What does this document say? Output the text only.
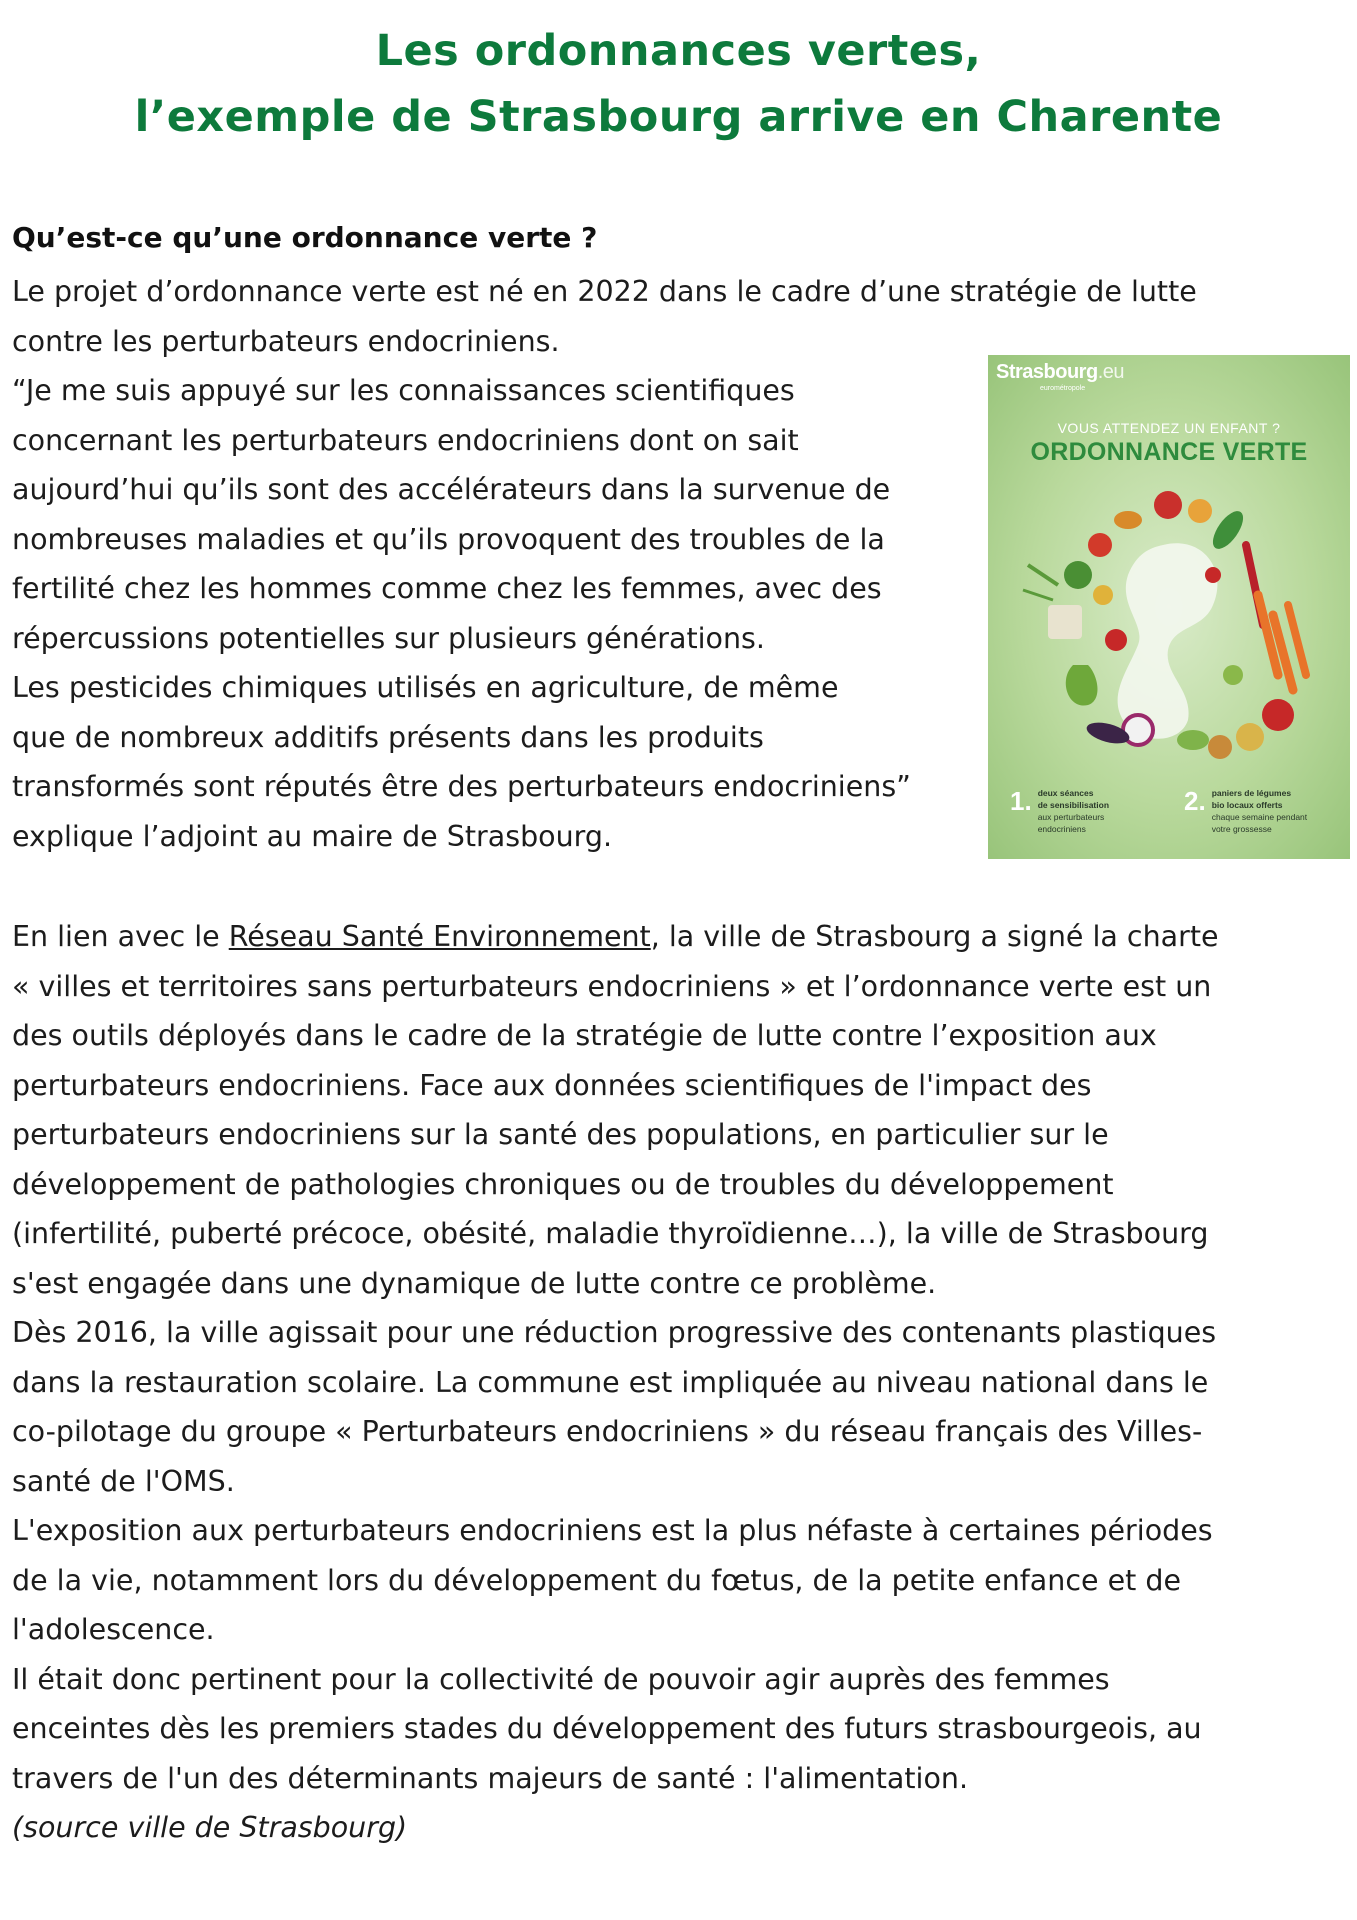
Les ordonnances vertes,
l’exemple de Strasbourg arrive en Charente
Qu’est-ce qu’une ordonnance verte ?
Le projet d’ordonnance verte est né en 2022 dans le cadre d’une stratégie de lutte
contre les perturbateurs endocriniens.
“Je me suis appuyé sur les connaissances scientifiques
concernant les perturbateurs endocriniens dont on sait
aujourd’hui qu’ils sont des accélérateurs dans la survenue de
nombreuses maladies et qu’ils provoquent des troubles de la
fertilité chez les hommes comme chez les femmes, avec des
répercussions potentielles sur plusieurs générations.
Les pesticides chimiques utilisés en agriculture, de même
que de nombreux additifs présents dans les produits
transformés sont réputés être des perturbateurs endocriniens”
explique l’adjoint au maire de Strasbourg.
Strasbourg.eu
eurométropole
VOUS ATTENDEZ UN ENFANT ?
ORDONNANCE VERTE
1. deux séances
de sensibilisation
aux perturbateurs
endocriniens
2. paniers de légumes
bio locaux offerts
chaque semaine pendant
votre grossesse
En lien avec le Réseau Santé Environnement, la ville de Strasbourg a signé la charte
« villes et territoires sans perturbateurs endocriniens » et l’ordonnance verte est un
des outils déployés dans le cadre de la stratégie de lutte contre l’exposition aux
perturbateurs endocriniens. Face aux données scientifiques de l'impact des
perturbateurs endocriniens sur la santé des populations, en particulier sur le
développement de pathologies chroniques ou de troubles du développement
(infertilité, puberté précoce, obésité, maladie thyroïdienne…), la ville de Strasbourg
s'est engagée dans une dynamique de lutte contre ce problème.
Dès 2016, la ville agissait pour une réduction progressive des contenants plastiques
dans la restauration scolaire. La commune est impliquée au niveau national dans le
co-pilotage du groupe « Perturbateurs endocriniens » du réseau français des Villes-
santé de l'OMS.
L'exposition aux perturbateurs endocriniens est la plus néfaste à certaines périodes
de la vie, notamment lors du développement du fœtus, de la petite enfance et de
l'adolescence.
Il était donc pertinent pour la collectivité de pouvoir agir auprès des femmes
enceintes dès les premiers stades du développement des futurs strasbourgeois, au
travers de l'un des déterminants majeurs de santé : l'alimentation.
(source ville de Strasbourg)
